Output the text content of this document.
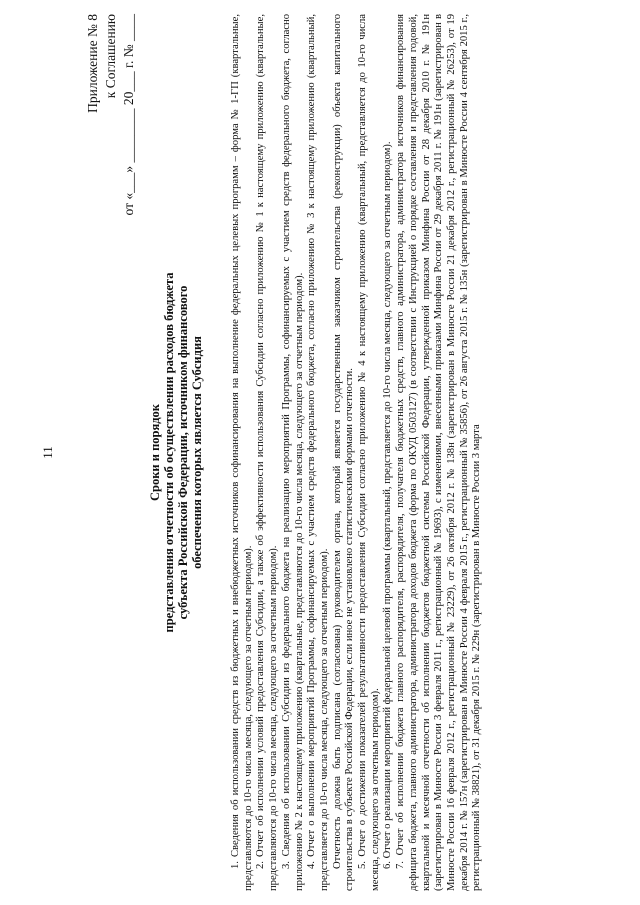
11
Приложение № 8 к Соглашению от «___» ________ 20___ г. № ____
Сроки и порядок представления отчетности об осуществлении расходов бюджета субъекта Российской Федерации, источником финансового обеспечения которых является Субсидия 1. Сведения об использовании средств из бюджетных и внебюджетных источников софинансирования на выполнение федеральных целевых программ – форма № 1-ГП (квартальные, представляются до 10-го числа месяца, следующего за отчетным периодом). 2. Отчет об исполнении условий предоставления Субсидии, а также об эффективности использования Субсидии согласно приложению № 1 к настоящему приложению (квартальные, представляются до 10-го числа месяца, следующего за отчетным периодом). 3. Сведения об использовании Субсидии из федерального бюджета на реализацию мероприятий Программы, софинансируемых с участием средств федерального бюджета, согласно приложению № 2 к настоящему приложению (квартальные, представляются до 10-го числа месяца, следующего за отчетным периодом). 4. Отчет о выполнении мероприятий Программы, софинансируемых с участием средств федерального бюджета, согласно приложению № 3 к настоящему приложению (квартальный, представляется до 10-го числа месяца, следующего за отчетным периодом). Отчетность должна быть подписана (согласована) руководителем органа, который является государственным заказчиком строительства (реконструкции) объекта капитального строительства в субъекте Российской Федерации, если иное не установлено статистическими формами отчетности. 5. Отчет о достижении показателей результативности предоставления Субсидии согласно приложению № 4 к настоящему приложению (квартальный, представляется до 10-го числа месяца, следующего за отчетным периодом). 6. Отчет о реализации мероприятий федеральной целевой программы (квартальный, представляется до 10-го числа месяца, следующего за отчетным периодом). 7. Отчет об исполнении бюджета главного распорядителя, распорядителя, получателя бюджетных средств, главного администратора, администратора источников финансирования дефицита бюджета, главного администратора, администратора доходов бюджета (форма по ОКУД 0503127) (в соответствии с Инструкцией о порядке составления и представления годовой, квартальной и месячной отчетности об исполнении бюджетов бюджетной системы Российской Федерации, утвержденной приказом Минфина России от 28 декабря 2010 г. № 191н (зарегистрирован в Минюсте России 3 февраля 2011 г., регистрационный № 19693), с изменениями, внесенными приказами Минфина России от 29 декабря 2011 г. № 191н (зарегистрирован в Минюсте России 16 февраля 2012 г., регистрационный № 23229), от 26 октября 2012 г. № 138н (зарегистрирован в Минюсте России 21 декабря 2012 г., регистрационный № 26253), от 19 декабря 2014 г. № 157н (зарегистрирован в Минюсте России 4 февраля 2015 г., регистрационный № 35856), от 26 августа 2015 г. № 135н (зарегистрирован в Минюсте России 4 сентября 2015 г., регистрационный № 38821), от 31 декабря 2015 г. № 229н (зарегистрирован в Минюсте России 3 марта
